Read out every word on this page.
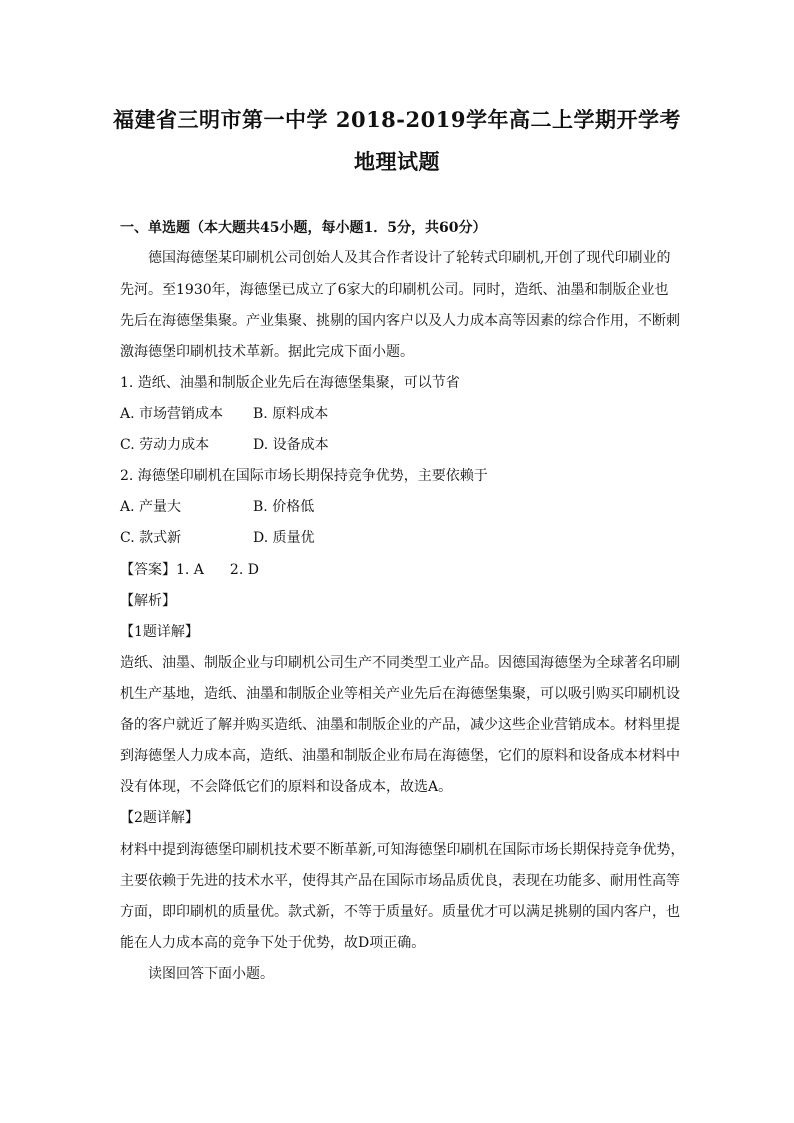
福建省三明市第一中学 2018-2019学年高二上学期开学考
地理试题
一、单选题（本大题共45小题，每小题1．5分，共60分）
德国海德堡某印刷机公司创始人及其合作者设计了轮转式印刷机,开创了现代印刷业的
先河。至1930年，海德堡已成立了6家大的印刷机公司。同时，造纸、油墨和制版企业也
先后在海德堡集聚。产业集聚、挑剔的国内客户以及人力成本高等因素的综合作用，不断刺
激海德堡印刷机技术革新。据此完成下面小题。
1. 造纸、油墨和制版企业先后在海德堡集聚，可以节省
A. 市场营销成本 B. 原料成本
C. 劳动力成本	D. 设备成本
2. 海德堡印刷机在国际市场长期保持竞争优势，主要依赖于
A. 产量大	B. 价格低
C. 款式新	D. 质量优
【答案】1. A 2. D
【解析】
【1题详解】
造纸、油墨、制版企业与印刷机公司生产不同类型工业产品。因德国海德堡为全球著名印刷
机生产基地，造纸、油墨和制版企业等相关产业先后在海德堡集聚，可以吸引购买印刷机设
备的客户就近了解并购买造纸、油墨和制版企业的产品，减少这些企业营销成本。材料里提
到海德堡人力成本高，造纸、油墨和制版企业布局在海德堡，它们的原料和设备成本材料中
没有体现，不会降低它们的原料和设备成本，故选A。
【2题详解】
材料中提到海德堡印刷机技术要不断革新,可知海德堡印刷机在国际市场长期保持竞争优势，
主要依赖于先进的技术水平，使得其产品在国际市场品质优良，表现在功能多、耐用性高等
方面，即印刷机的质量优。款式新，不等于质量好。质量优才可以满足挑剔的国内客户，也
能在人力成本高的竞争下处于优势，故D项正确。
读图回答下面小题。
